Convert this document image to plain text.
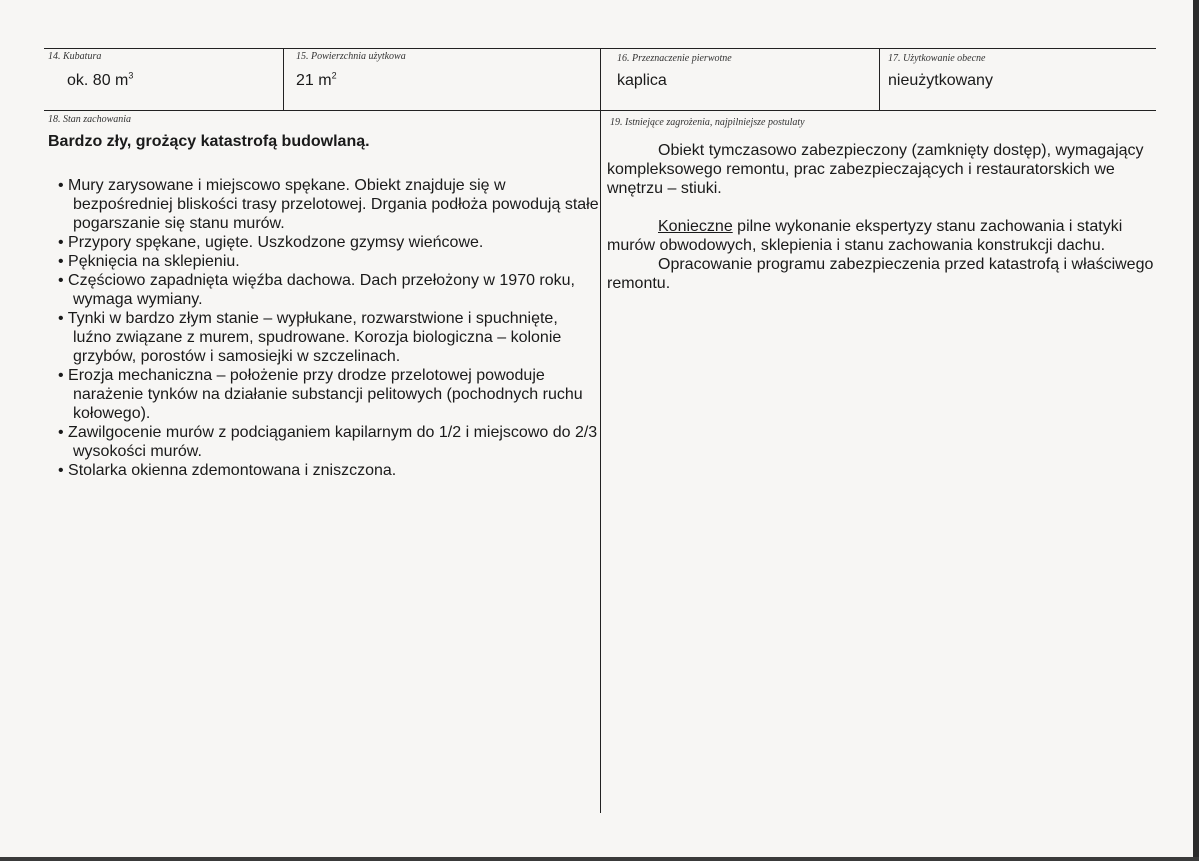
14. Kubatura
ok. 80 $m^3$
15. Powierzchnia użytkowa
21 $m^2$
16. Przeznaczenie pierwotne
kaplica
17. Użytkowanie obecne
nieużytkowany
18. Stan zachowania
Bardzo zły, grożący katastrofą budowlaną.
• Mury zarysowane i miejscowo spękane. Obiekt znajduje się w bezpośredniej bliskości trasy przelotowej. Drgania podłoża powodują stałe pogarszanie się stanu murów.
• Przypory spękane, ugięte. Uszkodzone gzymsy wieńcowe.
• Pęknięcia na sklepieniu.
• Częściowo zapadnięta więźba dachowa. Dach przełożony w 1970 roku, wymaga wymiany.
• Tynki w bardzo złym stanie – wypłukane, rozwarstwione i spuchnięte, luźno związane z murem, spudrowane. Korozja biologiczna – kolonie grzybów, porostów i samosiejki w szczelinach.
• Erozja mechaniczna – położenie przy drodze przelotowej powoduje narażenie tynków na działanie substancji pelitowych (pochodnych ruchu kołowego).
• Zawilgocenie murów z podciąganiem kapilarnym do 1/2 i miejscowo do 2/3 wysokości murów.
• Stolarka okienna zdemontowana i zniszczona.
19. Istniejące zagrożenia, najpilniejsze postulaty

Obiekt tymczasowo zabezpieczony (zamknięty dostęp), wymagający kompleksowego remontu, prac zabezpieczających i restauratorskich we wnętrzu – stiuki.

Konieczne pilne wykonanie ekspertyzy stanu zachowania i statyki murów obwodowych, sklepienia i stanu zachowania konstrukcji dachu.

Opracowanie programu zabezpieczenia przed katastrofą i właściwego remontu.
